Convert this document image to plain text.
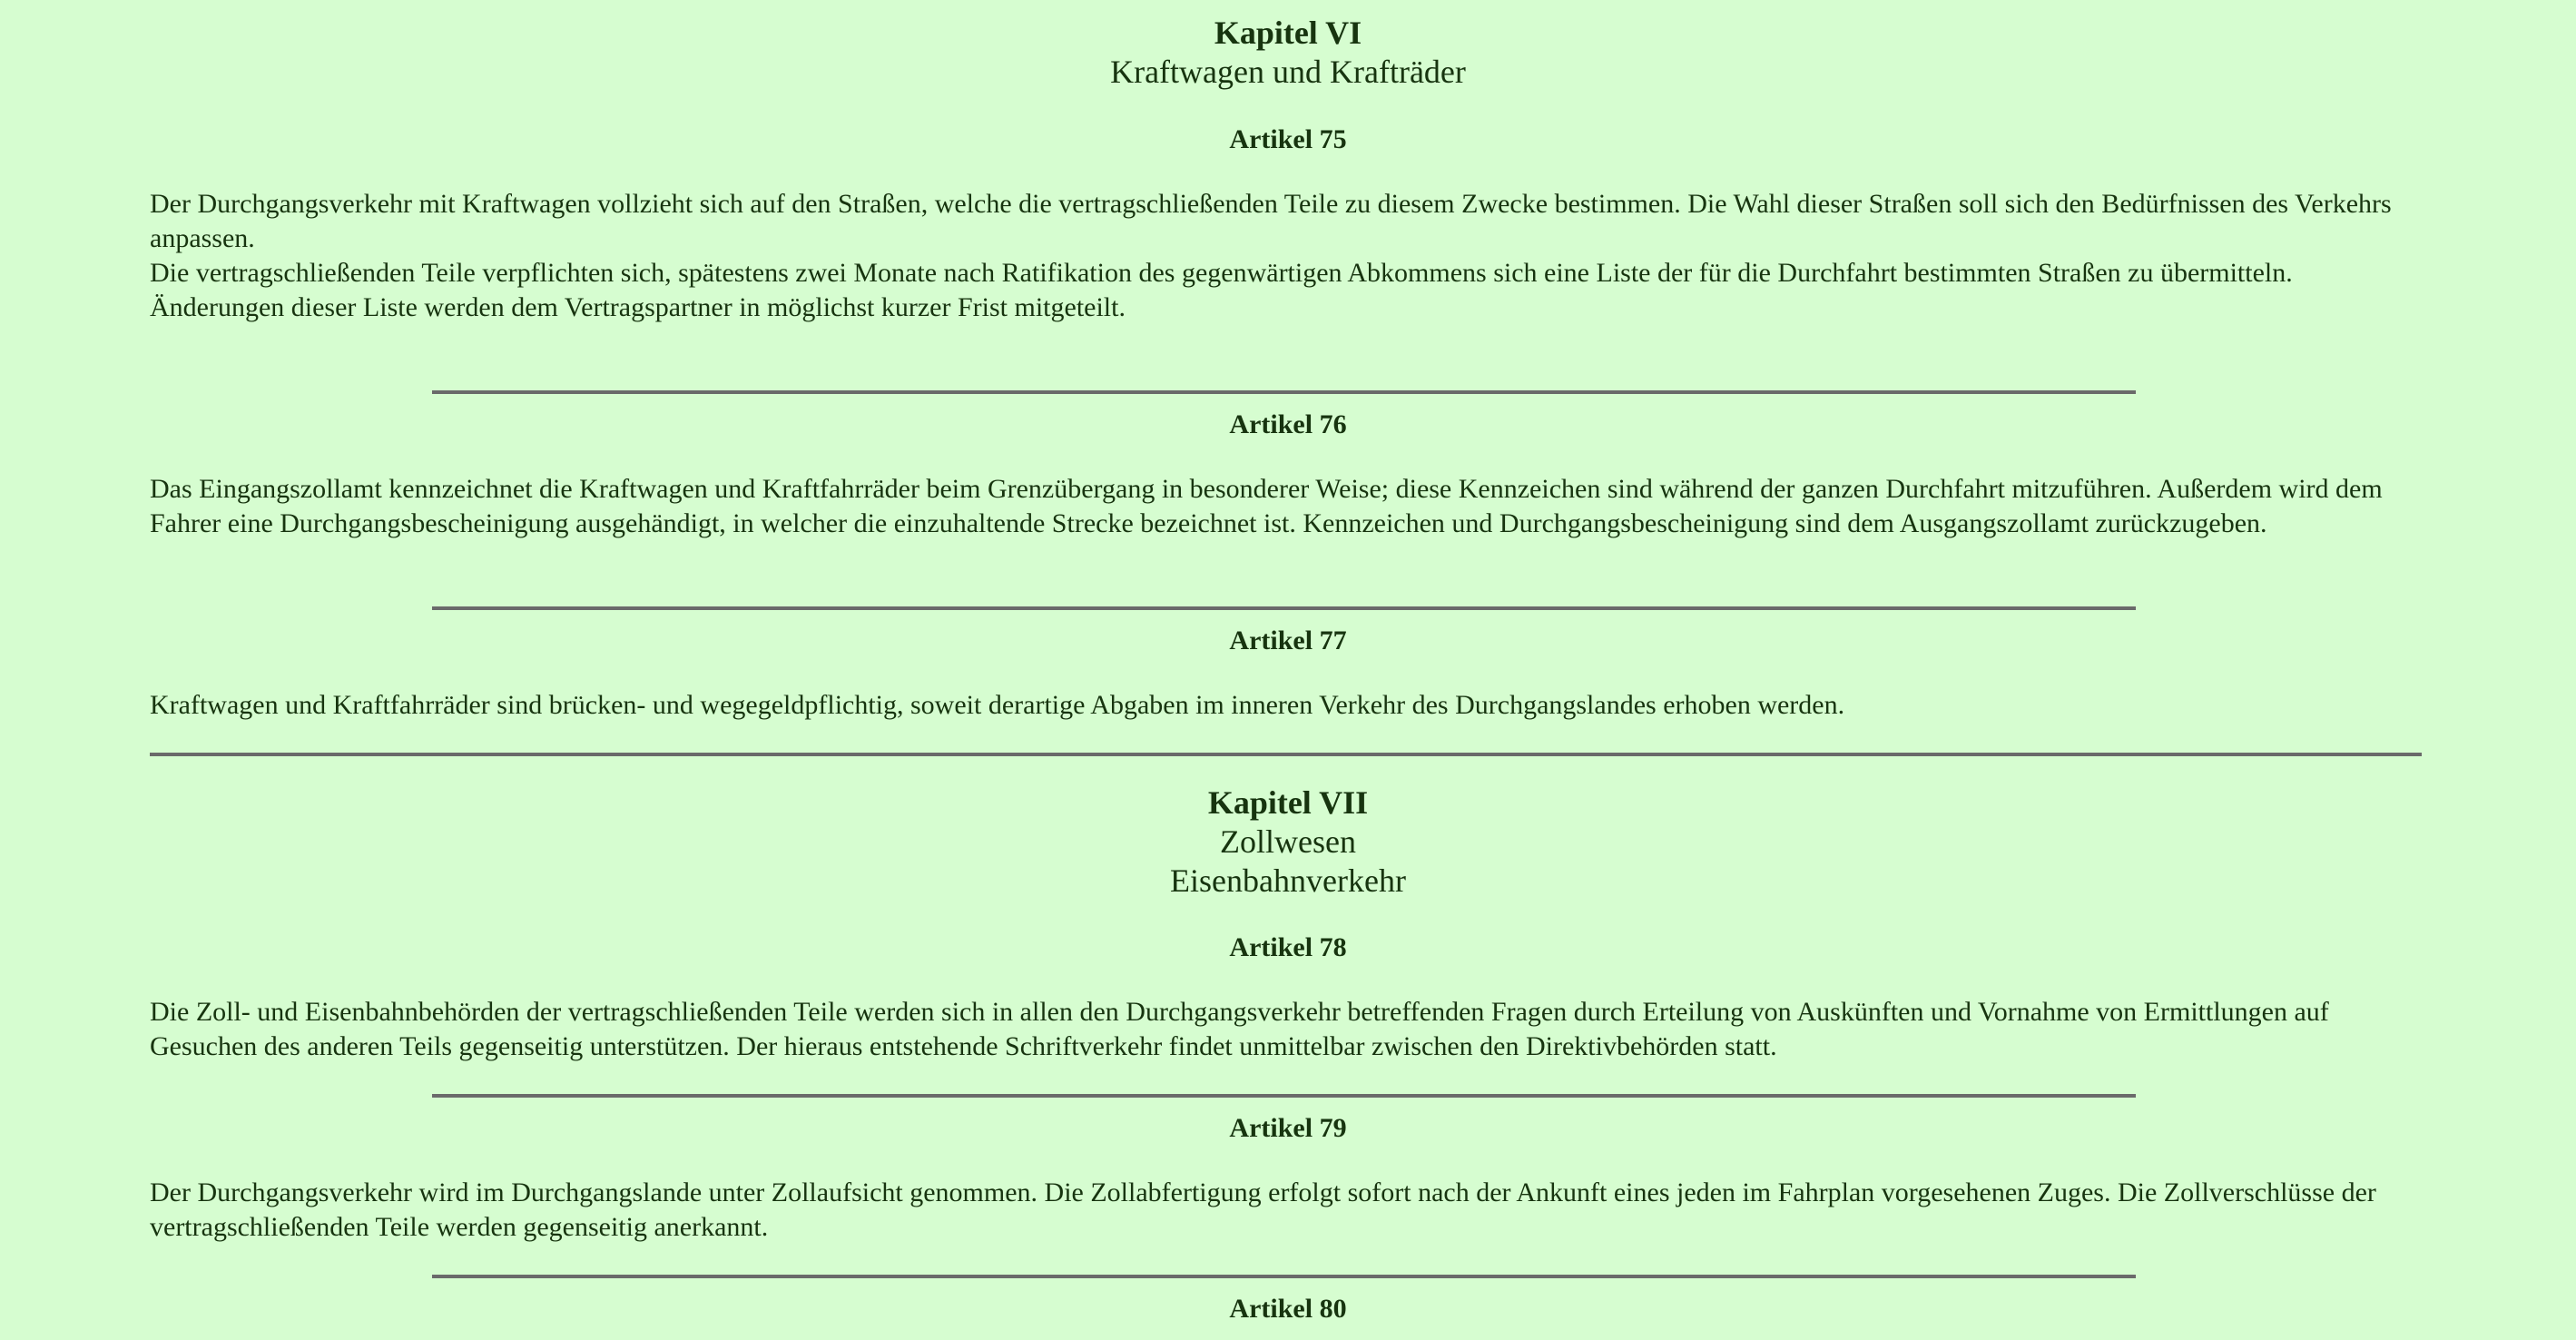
Kapitel VI
Kraftwagen und Krafträder
Artikel 75

Der Durchgangsverkehr mit Kraftwagen vollzieht sich auf den Straßen, welche die vertragschließenden Teile zu diesem Zwecke bestimmen. Die Wahl dieser Straßen soll sich den Bedürfnissen des Verkehrs anpassen.

Die vertragschließenden Teile verpflichten sich, spätestens zwei Monate nach Ratifikation des gegenwärtigen Abkommens sich eine Liste der für die Durchfahrt bestimmten Straßen zu übermitteln.

Änderungen dieser Liste werden dem Vertragspartner in möglichst kurzer Frist mitgeteilt.

Artikel 76

Das Eingangszollamt kennzeichnet die Kraftwagen und Kraftfahrräder beim Grenzübergang in besonderer Weise; diese Kennzeichen sind während der ganzen Durchfahrt mitzuführen. Außerdem wird dem Fahrer eine Durchgangsbescheinigung ausgehändigt, in welcher die einzuhaltende Strecke bezeichnet ist. Kennzeichen und Durchgangsbescheinigung sind dem Ausgangszollamt zurückzugeben.

Artikel 77

Kraftwagen und Kraftfahrräder sind brücken- und wegegeldpflichtig, soweit derartige Abgaben im inneren Verkehr des Durchgangslandes erhoben werden.

Kapitel VII
Zollwesen
Eisenbahnverkehr
Artikel 78

Die Zoll- und Eisenbahnbehörden der vertragschließenden Teile werden sich in allen den Durchgangsverkehr betreffenden Fragen durch Erteilung von Auskünften und Vornahme von Ermittlungen auf Gesuchen des anderen Teils gegenseitig unterstützen. Der hieraus entstehende Schriftverkehr findet unmittelbar zwischen den Direktivbehörden statt.

Artikel 79

Der Durchgangsverkehr wird im Durchgangslande unter Zollaufsicht genommen. Die Zollabfertigung erfolgt sofort nach der Ankunft eines jeden im Fahrplan vorgesehenen Zuges. Die Zollverschlüsse der vertragschließenden Teile werden gegenseitig anerkannt.

Artikel 80
